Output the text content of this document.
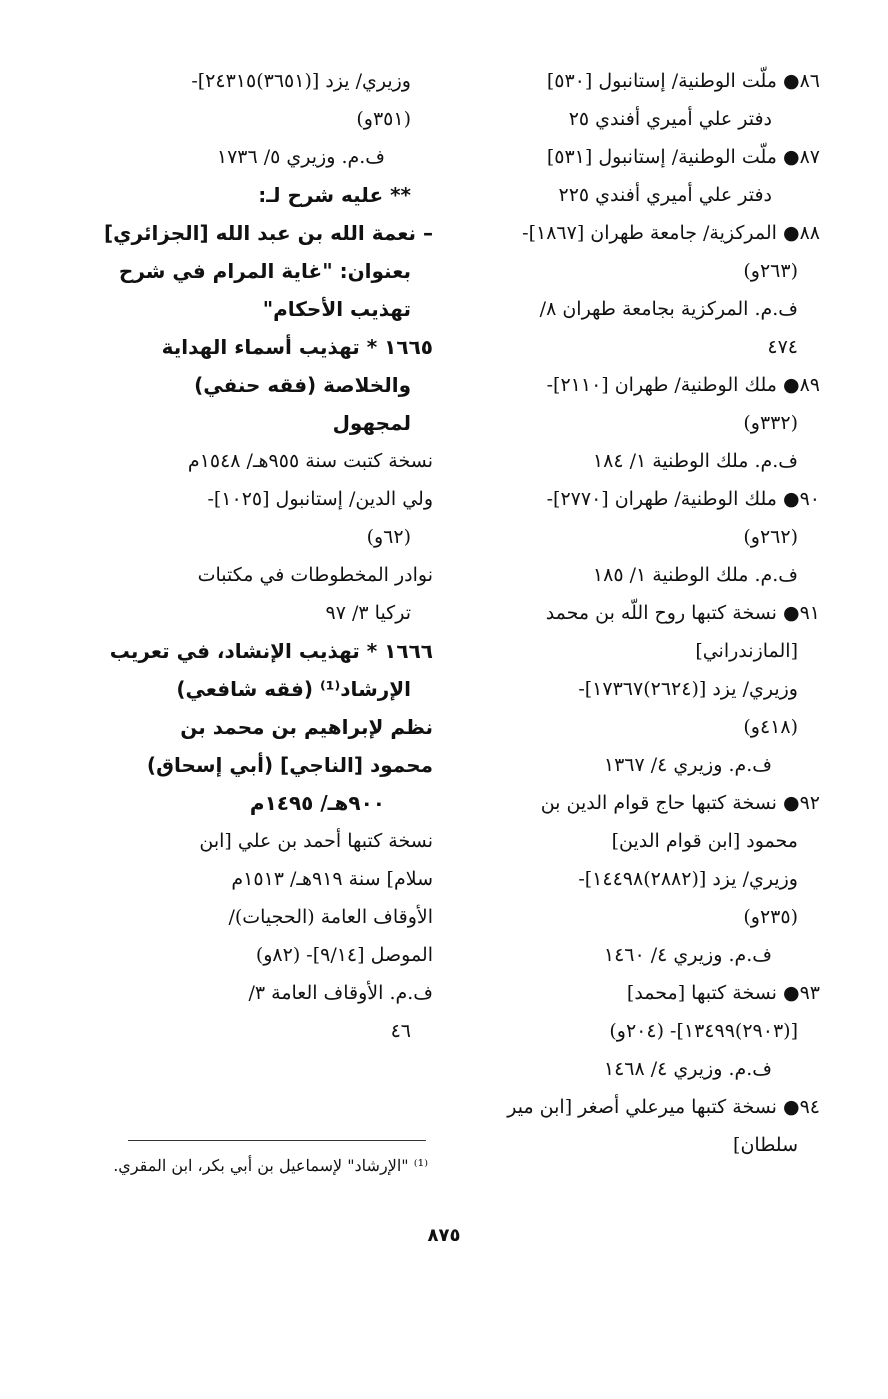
٨٦● ملّت الوطنية/ إستانبول [٥٣٠]
دفتر علي أميري أفندي ٢٥
٨٧● ملّت الوطنية/ إستانبول [٥٣١]
دفتر علي أميري أفندي ٢٢٥
٨٨● المركزية/ جامعة طهران [١٨٦٧]-
(٢٦٣و)
ف.م. المركزية بجامعة طهران ٨/
٤٧٤
٨٩● ملك الوطنية/ طهران [٢١١٠]-
(٣٣٢و)
ف.م. ملك الوطنية ١/ ١٨٤
٩٠● ملك الوطنية/ طهران [٢٧٧٠]-
(٢٦٢و)
ف.م. ملك الوطنية ١/ ١٨٥
٩١● نسخة كتبها روح اللّه بن محمد
[المازندراني]
وزيري/ يزد [(٢٦٢٤)١٧٣٦٧]-
(٤١٨و)
ف.م. وزيري ٤/ ١٣٦٧
٩٢● نسخة كتبها حاج قوام الدين بن
محمود [ابن قوام الدين]
وزيري/ يزد [(٢٨٨٢)١٤٤٩٨]-
(٢٣٥و)
ف.م. وزيري ٤/ ١٤٦٠
٩٣● نسخة كتبها [محمد]
[(٢٩٠٣)١٣٤٩٩]- (٢٠٤و)
ف.م. وزيري ٤/ ١٤٦٨
٩٤● نسخة كتبها ميرعلي أصغر [ابن مير
سلطان]
وزيري/ يزد [(٣٦٥١)٢٤٣١٥]-
(٣٥١و)
ف.م. وزيري ٥/ ١٧٣٦
** عليه شرح لـ:
– نعمة الله بن عبد الله [الجزائري]
بعنوان: "غاية المرام في شرح
تهذيب الأحكام"
١٦٦٥ * تهذيب أسماء الهداية
والخلاصة (فقه حنفي)
لمجهول
نسخة كتبت سنة ٩٥٥هـ/ ١٥٤٨م
ولي الدين/ إستانبول [١٠٢٥]-
(٦٢و)
نوادر المخطوطات في مكتبات
تركيا ٣/ ٩٧
١٦٦٦ * تهذيب الإنشاد، في تعريب
الإرشاد⁽¹⁾ (فقه شافعي)
نظم لإبراهيم بن محمد بن
محمود [الناجي] (أبي إسحاق)
٩٠٠هـ/ ١٤٩٥م
نسخة كتبها أحمد بن علي [ابن
سلام] سنة ٩١٩هـ/ ١٥١٣م
الأوقاف العامة (الحجيات)/
الموصل [٩/١٤]- (٨٢و)
ف.م. الأوقاف العامة ٣/
٤٦
⁽¹⁾ "الإرشاد" لإسماعيل بن أبي بكر، ابن المقري.
٨٧٥
